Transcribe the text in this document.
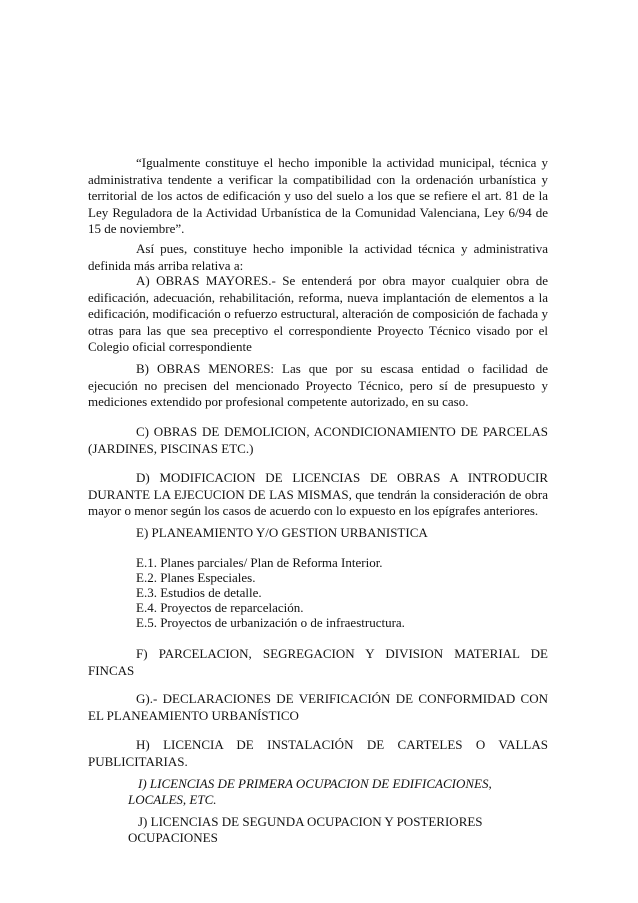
“Igualmente constituye el hecho imponible la actividad municipal, técnica y administrativa tendente a verificar la compatibilidad con la ordenación urbanística y territorial de los actos de edificación y uso del suelo a los que se refiere el art. 81 de la Ley Reguladora de la Actividad Urbanística de la Comunidad Valenciana, Ley 6/94 de 15 de noviembre”.
Así pues, constituye hecho imponible la actividad técnica y administrativa definida más arriba relativa a:
A) OBRAS MAYORES.- Se entenderá por obra mayor cualquier obra de edificación, adecuación, rehabilitación, reforma, nueva implantación de elementos a la edificación, modificación o refuerzo estructural, alteración de composición de fachada y otras para las que sea preceptivo el correspondiente Proyecto Técnico visado por el Colegio oficial correspondiente
B) OBRAS MENORES: Las que por su escasa entidad o facilidad de ejecución no precisen del mencionado Proyecto Técnico, pero sí de presupuesto y mediciones extendido por profesional competente autorizado, en su caso.
C) OBRAS DE DEMOLICION, ACONDICIONAMIENTO DE PARCELAS (JARDINES, PISCINAS ETC.)
D) MODIFICACION DE LICENCIAS DE OBRAS A INTRODUCIR DURANTE LA EJECUCION DE LAS MISMAS, que tendrán la consideración de obra mayor o menor según los casos de acuerdo con lo expuesto en los epígrafes anteriores.
E) PLANEAMIENTO Y/O GESTION URBANISTICA
E.1. Planes parciales/ Plan de Reforma Interior.
E.2. Planes Especiales.
E.3. Estudios de detalle.
E.4. Proyectos de reparcelación.
E.5. Proyectos de urbanización o de infraestructura.
F) PARCELACION, SEGREGACION Y DIVISION MATERIAL DE FINCAS
G).- DECLARACIONES DE VERIFICACIÓN DE CONFORMIDAD CON EL PLANEAMIENTO URBANÍSTICO
H) LICENCIA DE INSTALACIÓN DE CARTELES O VALLAS PUBLICITARIAS.
I) LICENCIAS DE PRIMERA OCUPACION DE EDIFICACIONES,
LOCALES, ETC.
J) LICENCIAS DE SEGUNDA OCUPACION Y POSTERIORES
OCUPACIONES
